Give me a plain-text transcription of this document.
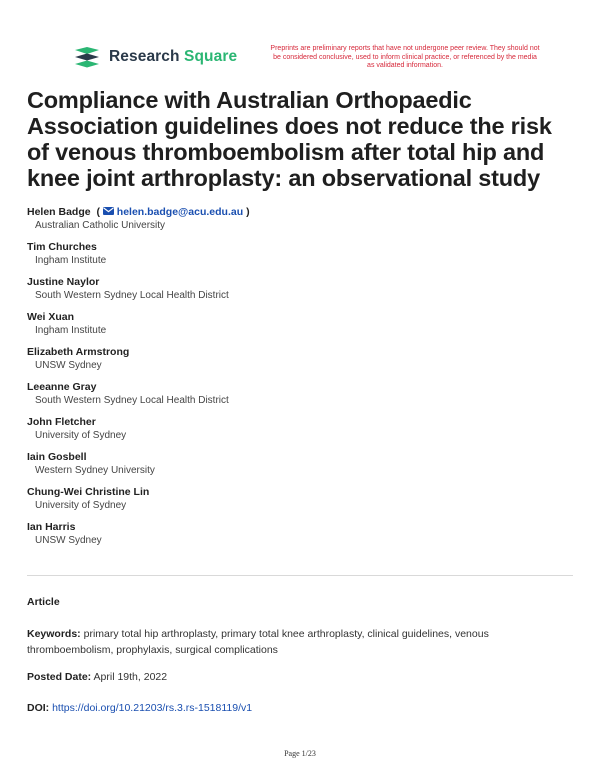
Research Square	Preprints are preliminary reports that have not undergone peer review. They should not be considered conclusive, used to inform clinical practice, or referenced by the media as validated information.
Compliance with Australian Orthopaedic Association guidelines does not reduce the risk of venous thromboembolism after total hip and knee joint arthroplasty: an observational study
Helen Badge  (  helen.badge@acu.edu.au )
Australian Catholic University
Tim Churches
Ingham Institute
Justine Naylor
South Western Sydney Local Health District
Wei Xuan
Ingham Institute
Elizabeth Armstrong
UNSW Sydney
Leeanne Gray
South Western Sydney Local Health District
John Fletcher
University of Sydney
Iain Gosbell
Western Sydney University
Chung-Wei Christine Lin
University of Sydney
Ian Harris
UNSW Sydney
Article
Keywords: primary total hip arthroplasty, primary total knee arthroplasty, clinical guidelines, venous thromboembolism, prophylaxis, surgical complications
Posted Date: April 19th, 2022
DOI: https://doi.org/10.21203/rs.3.rs-1518119/v1
Page 1/23
